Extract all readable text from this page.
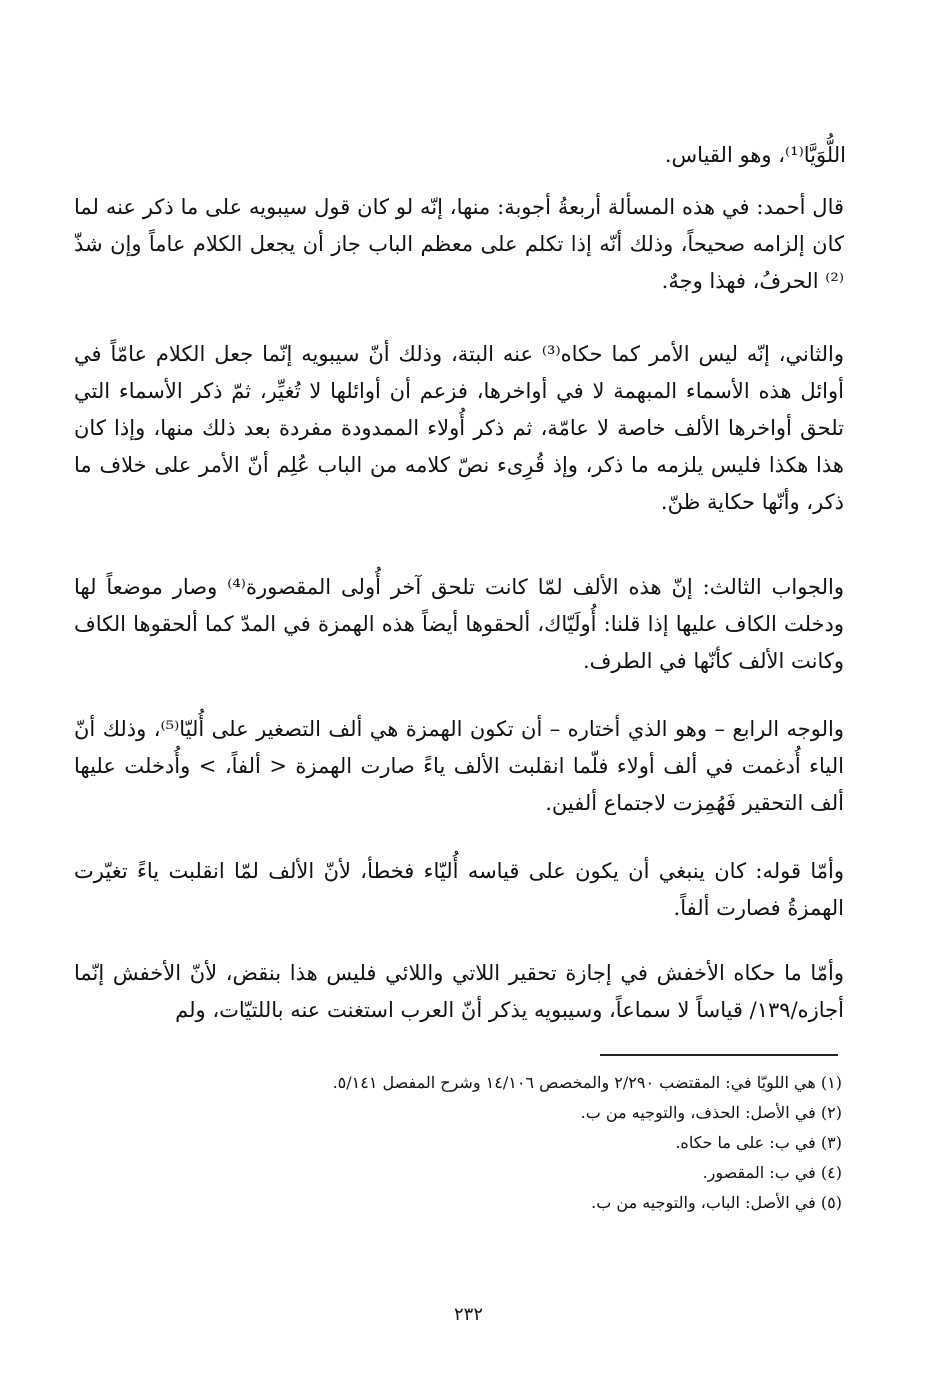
اللُّوَيَّا⁽¹⁾، وهو القياس.

قال أحمد: في هذه المسألة أربعةُ أجوبة: منها، إنّه لو كان قول سيبويه على ما ذكر عنه لما كان إلزامه صحيحاً، وذلك أنّه إذا تكلم على معظم الباب جاز أن يجعل الكلام عاماً وإن شذّ ⁽²⁾ الحرفُ، فهذا وجهٌ.

والثاني، إنّه ليس الأمر كما حكاه⁽³⁾ عنه البتة، وذلك أنّ سيبويه إنّما جعل الكلام عامّاً في أوائل هذه الأسماء المبهمة لا في أواخرها، فزعم أن أوائلها لا تُغيِّر، ثمّ ذكر الأسماء التي تلحق أواخرها الألف خاصة لا عامّة، ثم ذكر أُولاء الممدودة مفردة بعد ذلك منها، وإذا كان هذا هكذا فليس يلزمه ما ذكر، وإذ قُرِىء نصّ كلامه من الباب عُلِم أنّ الأمر على خلاف ما ذكر، وأنّها حكاية ظنّ.

والجواب الثالث: إنّ هذه الألف لمّا كانت تلحق آخر أُولى المقصورة⁽⁴⁾ وصار موضعاً لها ودخلت الكاف عليها إذا قلنا: أُولَيّاك، ألحقوها أيضاً هذه الهمزة في المدّ كما ألحقوها الكاف وكانت الألف كأنّها في الطرف.

والوجه الرابع – وهو الذي أختاره – أن تكون الهمزة هي ألف التصغير على أُليّا⁽⁵⁾، وذلك أنّ الياء أُدغمت في ألف أولاء فلّما انقلبت الألف ياءً صارت الهمزة < ألفاً، > وأُدخلت عليها ألف التحقير فَهُمِزت لاجتماع ألفين.

وأمّا قوله: كان ينبغي أن يكون على قياسه أُليّاء فخطأ، لأنّ الألف لمّا انقلبت ياءً تغيّرت الهمزةُ فصارت ألفاً.

وأمّا ما حكاه الأخفش في إجازة تحقير اللاتي واللائي فليس هذا بنقض، لأنّ الأخفش إنّما أجازه/١٣٩/ قياساً لا سماعاً، وسيبويه يذكر أنّ العرب استغنت عنه باللتيّات، ولم

(١) هي اللويّا في: المقتضب ٢/٢٩٠ والمخصص ١٤/١٠٦ وشرح المفصل ٥/١٤١.

(٢) في الأصل: الحذف، والتوجيه من ب.

(٣) في ب: على ما حكاه.

(٤) في ب: المقصور.

(٥) في الأصل: الباب، والتوجيه من ب.

٢٣٢
